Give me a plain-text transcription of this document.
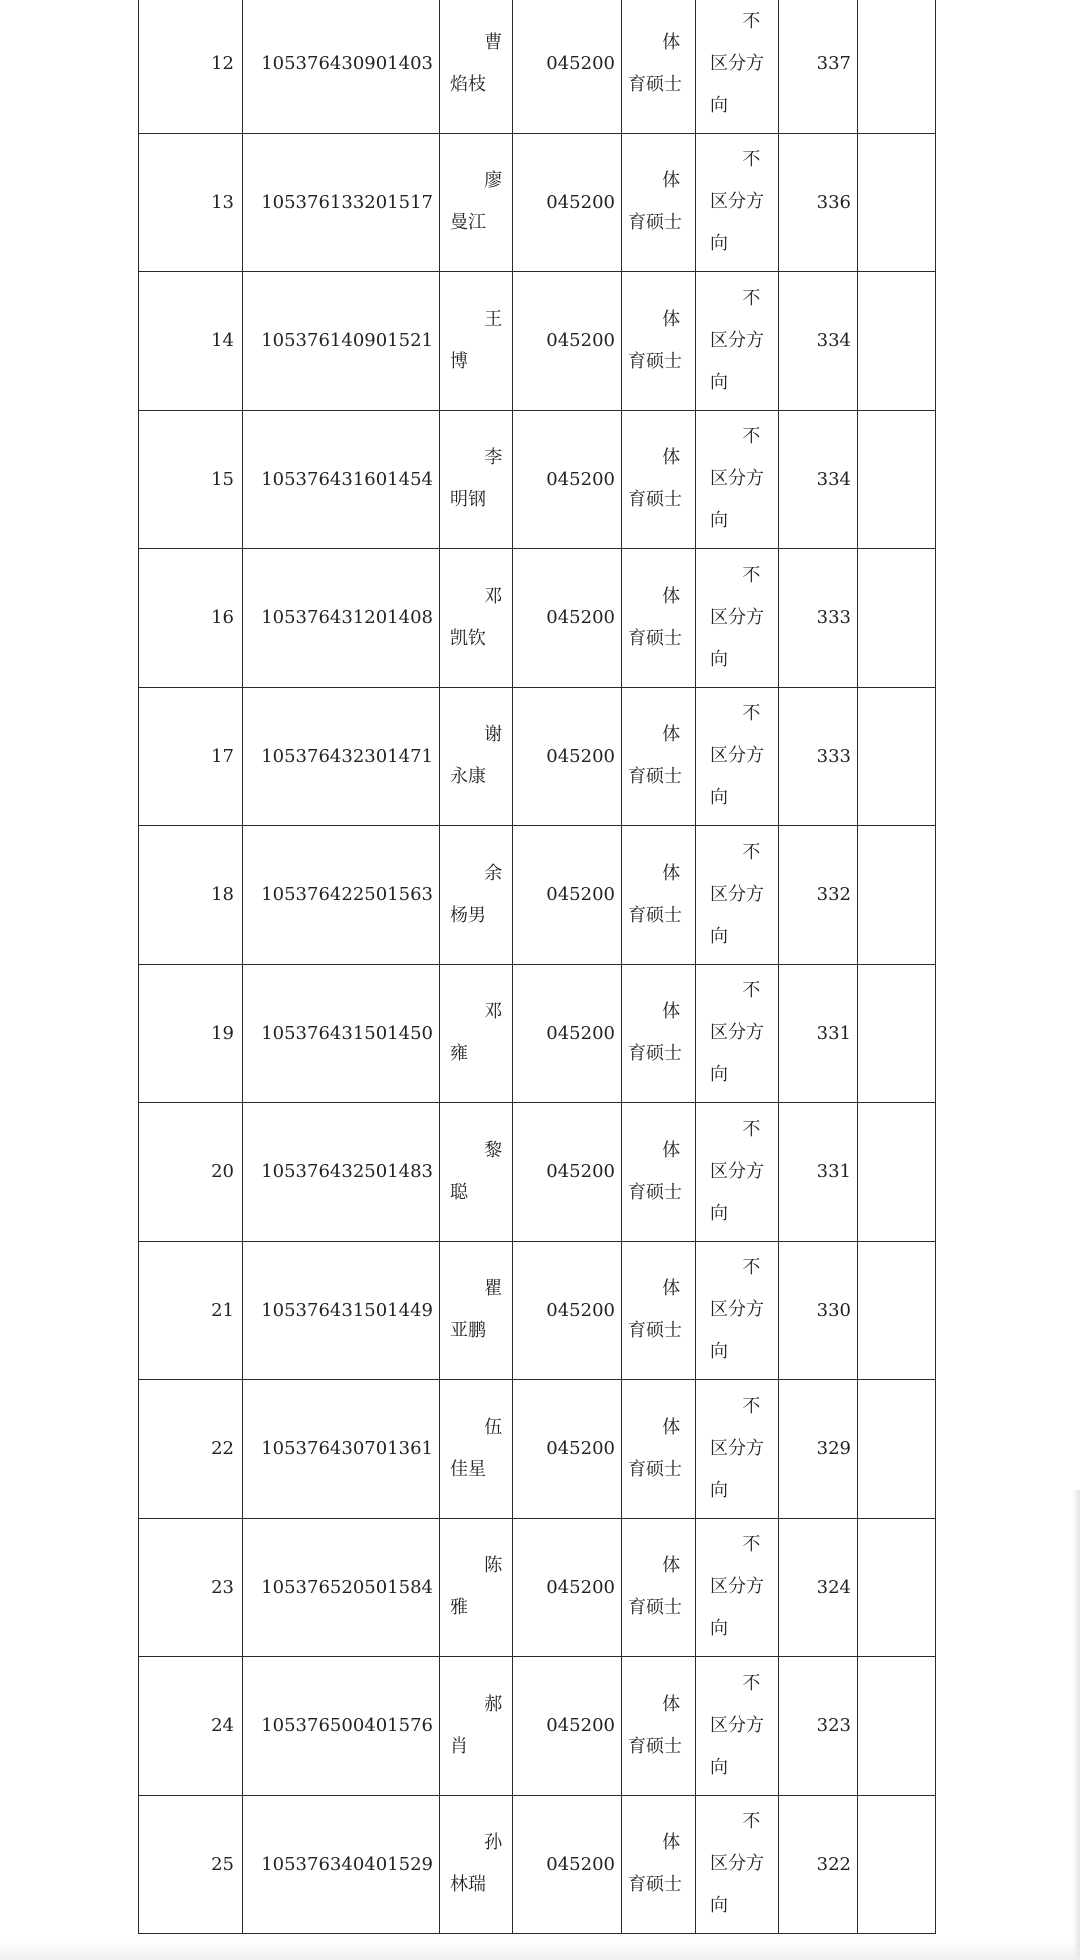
12	105376430901403	曹焰枝	045200	体育硕士	不区分方向	337	
13	105376133201517	廖曼江	045200	体育硕士	不区分方向	336	
14	105376140901521	王博	045200	体育硕士	不区分方向	334	
15	105376431601454	李明钢	045200	体育硕士	不区分方向	334	
16	105376431201408	邓凯钦	045200	体育硕士	不区分方向	333	
17	105376432301471	谢永康	045200	体育硕士	不区分方向	333	
18	105376422501563	余杨男	045200	体育硕士	不区分方向	332	
19	105376431501450	邓雍	045200	体育硕士	不区分方向	331	
20	105376432501483	黎聪	045200	体育硕士	不区分方向	331	
21	105376431501449	瞿亚鹏	045200	体育硕士	不区分方向	330	
22	105376430701361	伍佳星	045200	体育硕士	不区分方向	329	
23	105376520501584	陈雅	045200	体育硕士	不区分方向	324	
24	105376500401576	郝肖	045200	体育硕士	不区分方向	323	
25	105376340401529	孙林瑞	045200	体育硕士	不区分方向	322	
